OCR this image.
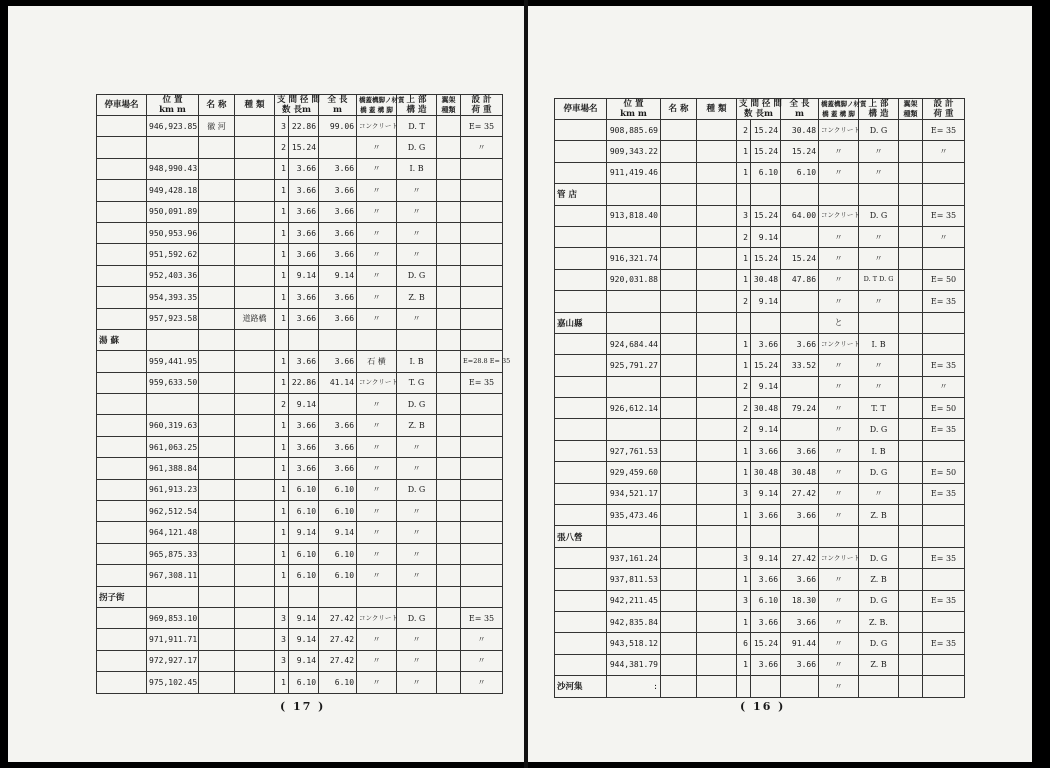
停車場名	位 置
km m	名 称	種 類	支 間 径 間
数 長m		全 長
m	橋蓋構脚ノ材質
橋 蓋 構 脚	上 部
構 造	翼架
種類	設 計
荷 重
	946,923.85	徽 河		3	22.86	99.06	コンクリート	D. T		E= 35
				2	15.24		〃	D. G		〃
	948,990.43			1	3.66	3.66	〃	I. B		
	949,428.18			1	3.66	3.66	〃	〃		
	950,091.89			1	3.66	3.66	〃	〃		
	950,953.96			1	3.66	3.66	〃	〃		
	951,592.62			1	3.66	3.66	〃	〃		
	952,403.36			1	9.14	9.14	〃	D. G		
	954,393.35			1	3.66	3.66	〃	Z. B		
	957,923.58		道路橋	1	3.66	3.66	〃	〃		
湯 蘇										
	959,441.95			1	3.66	3.66	石 横	I. B		E=28.8 E= 35
	959,633.50			1	22.86	41.14	コンクリート	T. G		E= 35
				2	9.14		〃	D. G		
	960,319.63			1	3.66	3.66	〃	Z. B		
	961,063.25			1	3.66	3.66	〃	〃		
	961,388.84			1	3.66	3.66	〃	〃		
	961,913.23			1	6.10	6.10	〃	D. G		
	962,512.54			1	6.10	6.10	〃	〃		
	964,121.48			1	9.14	9.14	〃	〃		
	965,875.33			1	6.10	6.10	〃	〃		
	967,308.11			1	6.10	6.10	〃	〃		
拐子街										
	969,853.10			3	9.14	27.42	コンクリート	D. G		E= 35
	971,911.71			3	9.14	27.42	〃	〃		〃
	972,927.17			3	9.14	27.42	〃	〃		〃
	975,102.45			1	6.10	6.10	〃	〃		〃
( 17 )
停車場名	位 置
km m	名 称	種 類	支 間 径 間
数 長m		全 長
m	橋蓋構脚ノ材質
橋 蓋 構 脚	上 部
構 造	翼架
種類	設 計
荷 重
	908,885.69			2	15.24	30.48	コンクリート	D. G		E= 35
	909,343.22			1	15.24	15.24	〃	〃		〃
	911,419.46			1	6.10	6.10	〃	〃		
管 店										
	913,818.40			3	15.24	64.00	コンクリート	D. G		E= 35
				2	9.14		〃	〃		〃
	916,321.74			1	15.24	15.24	〃	〃		
	920,031.88			1	30.48	47.86	〃	D. T D. G		E= 50
				2	9.14		〃	〃		E= 35
嘉山縣							と			
	924,684.44			1	3.66	3.66	コンクリート	I. B		
	925,791.27			1	15.24	33.52	〃	〃		E= 35
				2	9.14		〃	〃		〃
	926,612.14			2	30.48	79.24	〃	T. T		E= 50
				2	9.14		〃	D. G		E= 35
	927,761.53			1	3.66	3.66	〃	I. B		
	929,459.60			1	30.48	30.48	〃	D. G		E= 50
	934,521.17			3	9.14	27.42	〃	〃		E= 35
	935,473.46			1	3.66	3.66	〃	Z. B		
張八營										
	937,161.24			3	9.14	27.42	コンクリート	D. G		E= 35
	937,811.53			1	3.66	3.66	〃	Z. B		
	942,211.45			3	6.10	18.30	〃	D. G		E= 35
	942,835.84			1	3.66	3.66	〃	Z. B.		
	943,518.12			6	15.24	91.44	〃	D. G		E= 35
	944,381.79			1	3.66	3.66	〃	Z. B		
沙河集	:						〃			
( 16 )
